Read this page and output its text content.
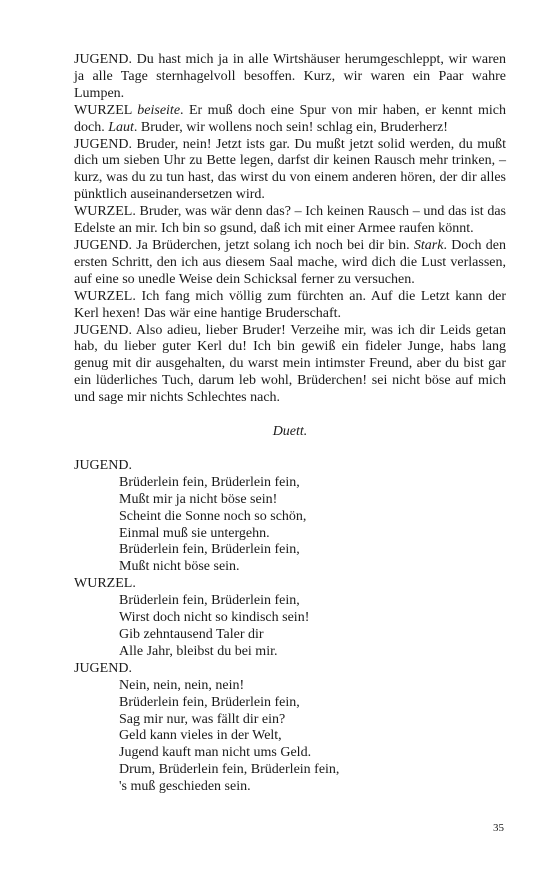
JUGEND. Du hast mich ja in alle Wirtshäuser herumgeschleppt, wir waren ja alle Tage sternhagelvoll besoffen. Kurz, wir waren ein Paar wahre Lumpen.

WURZEL beiseite. Er muß doch eine Spur von mir haben, er kennt mich doch. Laut. Bruder, wir wollens noch sein! schlag ein, Bruderherz!

JUGEND. Bruder, nein! Jetzt ists gar. Du mußt jetzt solid werden, du mußt dich um sieben Uhr zu Bette legen, darfst dir keinen Rausch mehr trinken, – kurz, was du zu tun hast, das wirst du von einem anderen hören, der dir alles pünktlich auseinandersetzen wird.

WURZEL. Bruder, was wär denn das? – Ich keinen Rausch – und das ist das Edelste an mir. Ich bin so gsund, daß ich mit einer Armee raufen könnt.

JUGEND. Ja Brüderchen, jetzt solang ich noch bei dir bin. Stark. Doch den ersten Schritt, den ich aus diesem Saal mache, wird dich die Lust verlassen, auf eine so unedle Weise dein Schicksal ferner zu versuchen.

WURZEL. Ich fang mich völlig zum fürchten an. Auf die Letzt kann der Kerl hexen! Das wär eine hantige Bruderschaft.

JUGEND. Also adieu, lieber Bruder! Verzeihe mir, was ich dir Leids getan hab, du lieber guter Kerl du! Ich bin gewiß ein fideler Junge, habs lang genug mit dir ausgehalten, du warst mein intimster Freund, aber du bist gar ein lüderliches Tuch, darum leb wohl, Brüderchen! sei nicht böse auf mich und sage mir nichts Schlechtes nach.

Duett.
JUGEND.
Brüderlein fein, Brüderlein fein,
Mußt mir ja nicht böse sein!
Scheint die Sonne noch so schön,
Einmal muß sie untergehn.
Brüderlein fein, Brüderlein fein,
Mußt nicht böse sein.
WURZEL.
Brüderlein fein, Brüderlein fein,
Wirst doch nicht so kindisch sein!
Gib zehntausend Taler dir
Alle Jahr, bleibst du bei mir.
JUGEND.
Nein, nein, nein, nein!
Brüderlein fein, Brüderlein fein,
Sag mir nur, was fällt dir ein?
Geld kann vieles in der Welt,
Jugend kauft man nicht ums Geld.
Drum, Brüderlein fein, Brüderlein fein,
's muß geschieden sein.
35
